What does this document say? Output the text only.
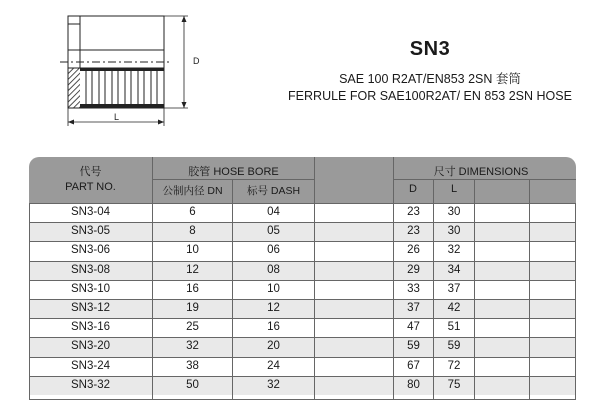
D
L
SN3
SAE 100 R2AT/EN853 2SN 套筒
FERRULE FOR SAE100R2AT/ EN 853 2SN HOSE
代号
PART NO.
胶管 HOSE BORE
公制内径 DN	标号 DASH
尺寸 DIMENSIONS
D	L
SN3-04	6	04	23	30
SN3-05	8	05	23	30
SN3-06	10	06	26	32
SN3-08	12	08	29	34
SN3-10	16	10	33	37
SN3-12	19	12	37	42
SN3-16	25	16	47	51
SN3-20	32	20	59	59
SN3-24	38	24	67	72
SN3-32	50	32	80	75
